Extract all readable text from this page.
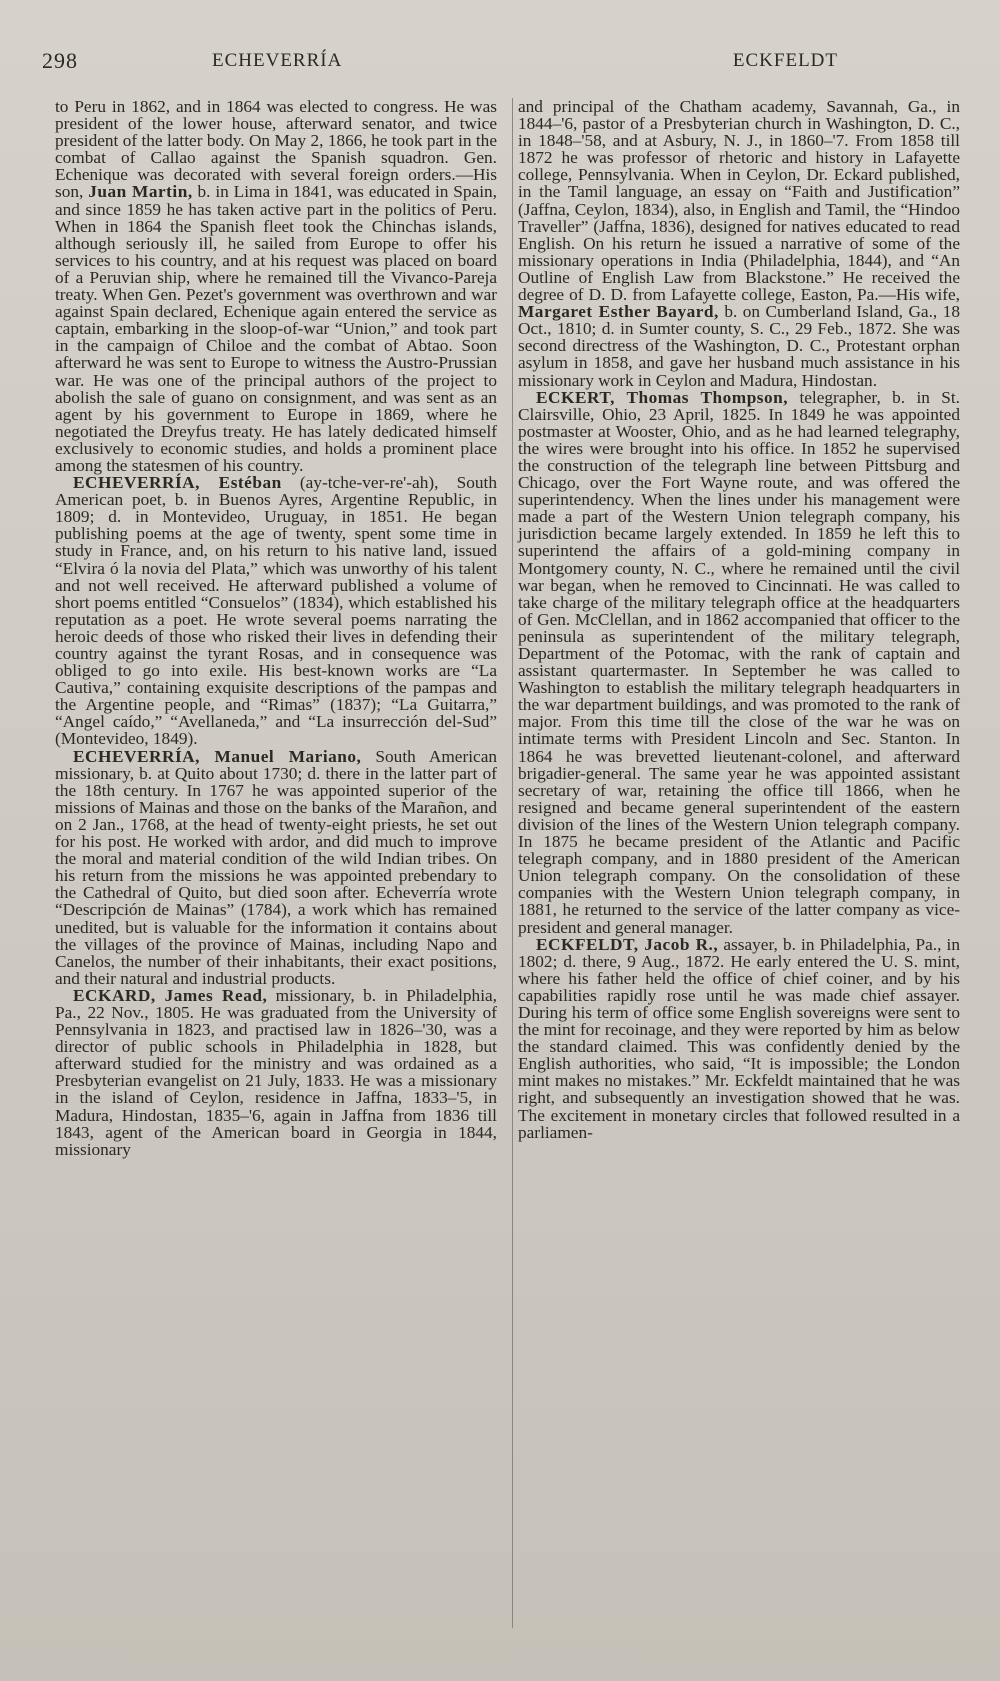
298	ECHEVERRÍA	ECKFELDT

to Peru in 1862, and in 1864 was elected to congress. He was president of the lower house, afterward senator, and twice president of the latter body. On May 2, 1866, he took part in the combat of Callao against the Spanish squadron. Gen. Echenique was decorated with several foreign orders.—His son, Juan Martin, b. in Lima in 1841, was educated in Spain, and since 1859 he has taken active part in the politics of Peru. When in 1864 the Spanish fleet took the Chinchas islands, although seriously ill, he sailed from Europe to offer his services to his country, and at his request was placed on board of a Peruvian ship, where he remained till the Vivanco-Pareja treaty. When Gen. Pezet's government was overthrown and war against Spain declared, Echenique again entered the service as captain, embarking in the sloop-of-war “Union,” and took part in the campaign of Chiloe and the combat of Abtao. Soon afterward he was sent to Europe to witness the Austro-Prussian war. He was one of the principal authors of the project to abolish the sale of guano on consignment, and was sent as an agent by his government to Europe in 1869, where he negotiated the Dreyfus treaty. He has lately dedicated himself exclusively to economic studies, and holds a prominent place among the statesmen of his country.

ECHEVERRÍA, Estéban (ay-tche-ver-re'-ah), South American poet, b. in Buenos Ayres, Argentine Republic, in 1809; d. in Montevideo, Uruguay, in 1851. He began publishing poems at the age of twenty, spent some time in study in France, and, on his return to his native land, issued “Elvira ó la novia del Plata,” which was unworthy of his talent and not well received. He afterward published a volume of short poems entitled “Consuelos” (1834), which established his reputation as a poet. He wrote several poems narrating the heroic deeds of those who risked their lives in defending their country against the tyrant Rosas, and in consequence was obliged to go into exile. His best-known works are “La Cautiva,” containing exquisite descriptions of the pampas and the Argentine people, and “Rimas” (1837); “La Guitarra,” “Angel caído,” “Avellaneda,” and “La insurrección del-Sud” (Montevideo, 1849).

ECHEVERRÍA, Manuel Mariano, South American missionary, b. at Quito about 1730; d. there in the latter part of the 18th century. In 1767 he was appointed superior of the missions of Mainas and those on the banks of the Marañon, and on 2 Jan., 1768, at the head of twenty-eight priests, he set out for his post. He worked with ardor, and did much to improve the moral and material condition of the wild Indian tribes. On his return from the missions he was appointed prebendary to the Cathedral of Quito, but died soon after. Echeverría wrote “Descripción de Mainas” (1784), a work which has remained unedited, but is valuable for the information it contains about the villages of the province of Mainas, including Napo and Canelos, the number of their inhabitants, their exact positions, and their natural and industrial products.

ECKARD, James Read, missionary, b. in Philadelphia, Pa., 22 Nov., 1805. He was graduated from the University of Pennsylvania in 1823, and practised law in 1826–'30, was a director of public schools in Philadelphia in 1828, but afterward studied for the ministry and was ordained as a Presbyterian evangelist on 21 July, 1833. He was a missionary in the island of Ceylon, residence in Jaffna, 1833–'5, in Madura, Hindostan, 1835–'6, again in Jaffna from 1836 till 1843, agent of the American board in Georgia in 1844, missionary

and principal of the Chatham academy, Savannah, Ga., in 1844–'6, pastor of a Presbyterian church in Washington, D. C., in 1848–'58, and at Asbury, N. J., in 1860–'7. From 1858 till 1872 he was professor of rhetoric and history in Lafayette college, Pennsylvania. When in Ceylon, Dr. Eckard published, in the Tamil language, an essay on “Faith and Justification” (Jaffna, Ceylon, 1834), also, in English and Tamil, the “Hindoo Traveller” (Jaffna, 1836), designed for natives educated to read English. On his return he issued a narrative of some of the missionary operations in India (Philadelphia, 1844), and “An Outline of English Law from Blackstone.” He received the degree of D. D. from Lafayette college, Easton, Pa.—His wife, Margaret Esther Bayard, b. on Cumberland Island, Ga., 18 Oct., 1810; d. in Sumter county, S. C., 29 Feb., 1872. She was second directress of the Washington, D. C., Protestant orphan asylum in 1858, and gave her husband much assistance in his missionary work in Ceylon and Madura, Hindostan.

ECKERT, Thomas Thompson, telegrapher, b. in St. Clairsville, Ohio, 23 April, 1825. In 1849 he was appointed postmaster at Wooster, Ohio, and as he had learned telegraphy, the wires were brought into his office. In 1852 he supervised the construction of the telegraph line between Pittsburg and Chicago, over the Fort Wayne route, and was offered the superintendency. When the lines under his management were made a part of the Western Union telegraph company, his jurisdiction became largely extended. In 1859 he left this to superintend the affairs of a gold-mining company in Montgomery county, N. C., where he remained until the civil war began, when he removed to Cincinnati. He was called to take charge of the military telegraph office at the headquarters of Gen. McClellan, and in 1862 accompanied that officer to the peninsula as superintendent of the military telegraph, Department of the Potomac, with the rank of captain and assistant quartermaster. In September he was called to Washington to establish the military telegraph headquarters in the war department buildings, and was promoted to the rank of major. From this time till the close of the war he was on intimate terms with President Lincoln and Sec. Stanton. In 1864 he was brevetted lieutenant-colonel, and afterward brigadier-general. The same year he was appointed assistant secretary of war, retaining the office till 1866, when he resigned and became general superintendent of the eastern division of the lines of the Western Union telegraph company. In 1875 he became president of the Atlantic and Pacific telegraph company, and in 1880 president of the American Union telegraph company. On the consolidation of these companies with the Western Union telegraph company, in 1881, he returned to the service of the latter company as vice-president and general manager.

ECKFELDT, Jacob R., assayer, b. in Philadelphia, Pa., in 1802; d. there, 9 Aug., 1872. He early entered the U. S. mint, where his father held the office of chief coiner, and by his capabilities rapidly rose until he was made chief assayer. During his term of office some English sovereigns were sent to the mint for recoinage, and they were reported by him as below the standard claimed. This was confidently denied by the English authorities, who said, “It is impossible; the London mint makes no mistakes.” Mr. Eckfeldt maintained that he was right, and subsequently an investigation showed that he was. The excitement in monetary circles that followed resulted in a parliamen-
